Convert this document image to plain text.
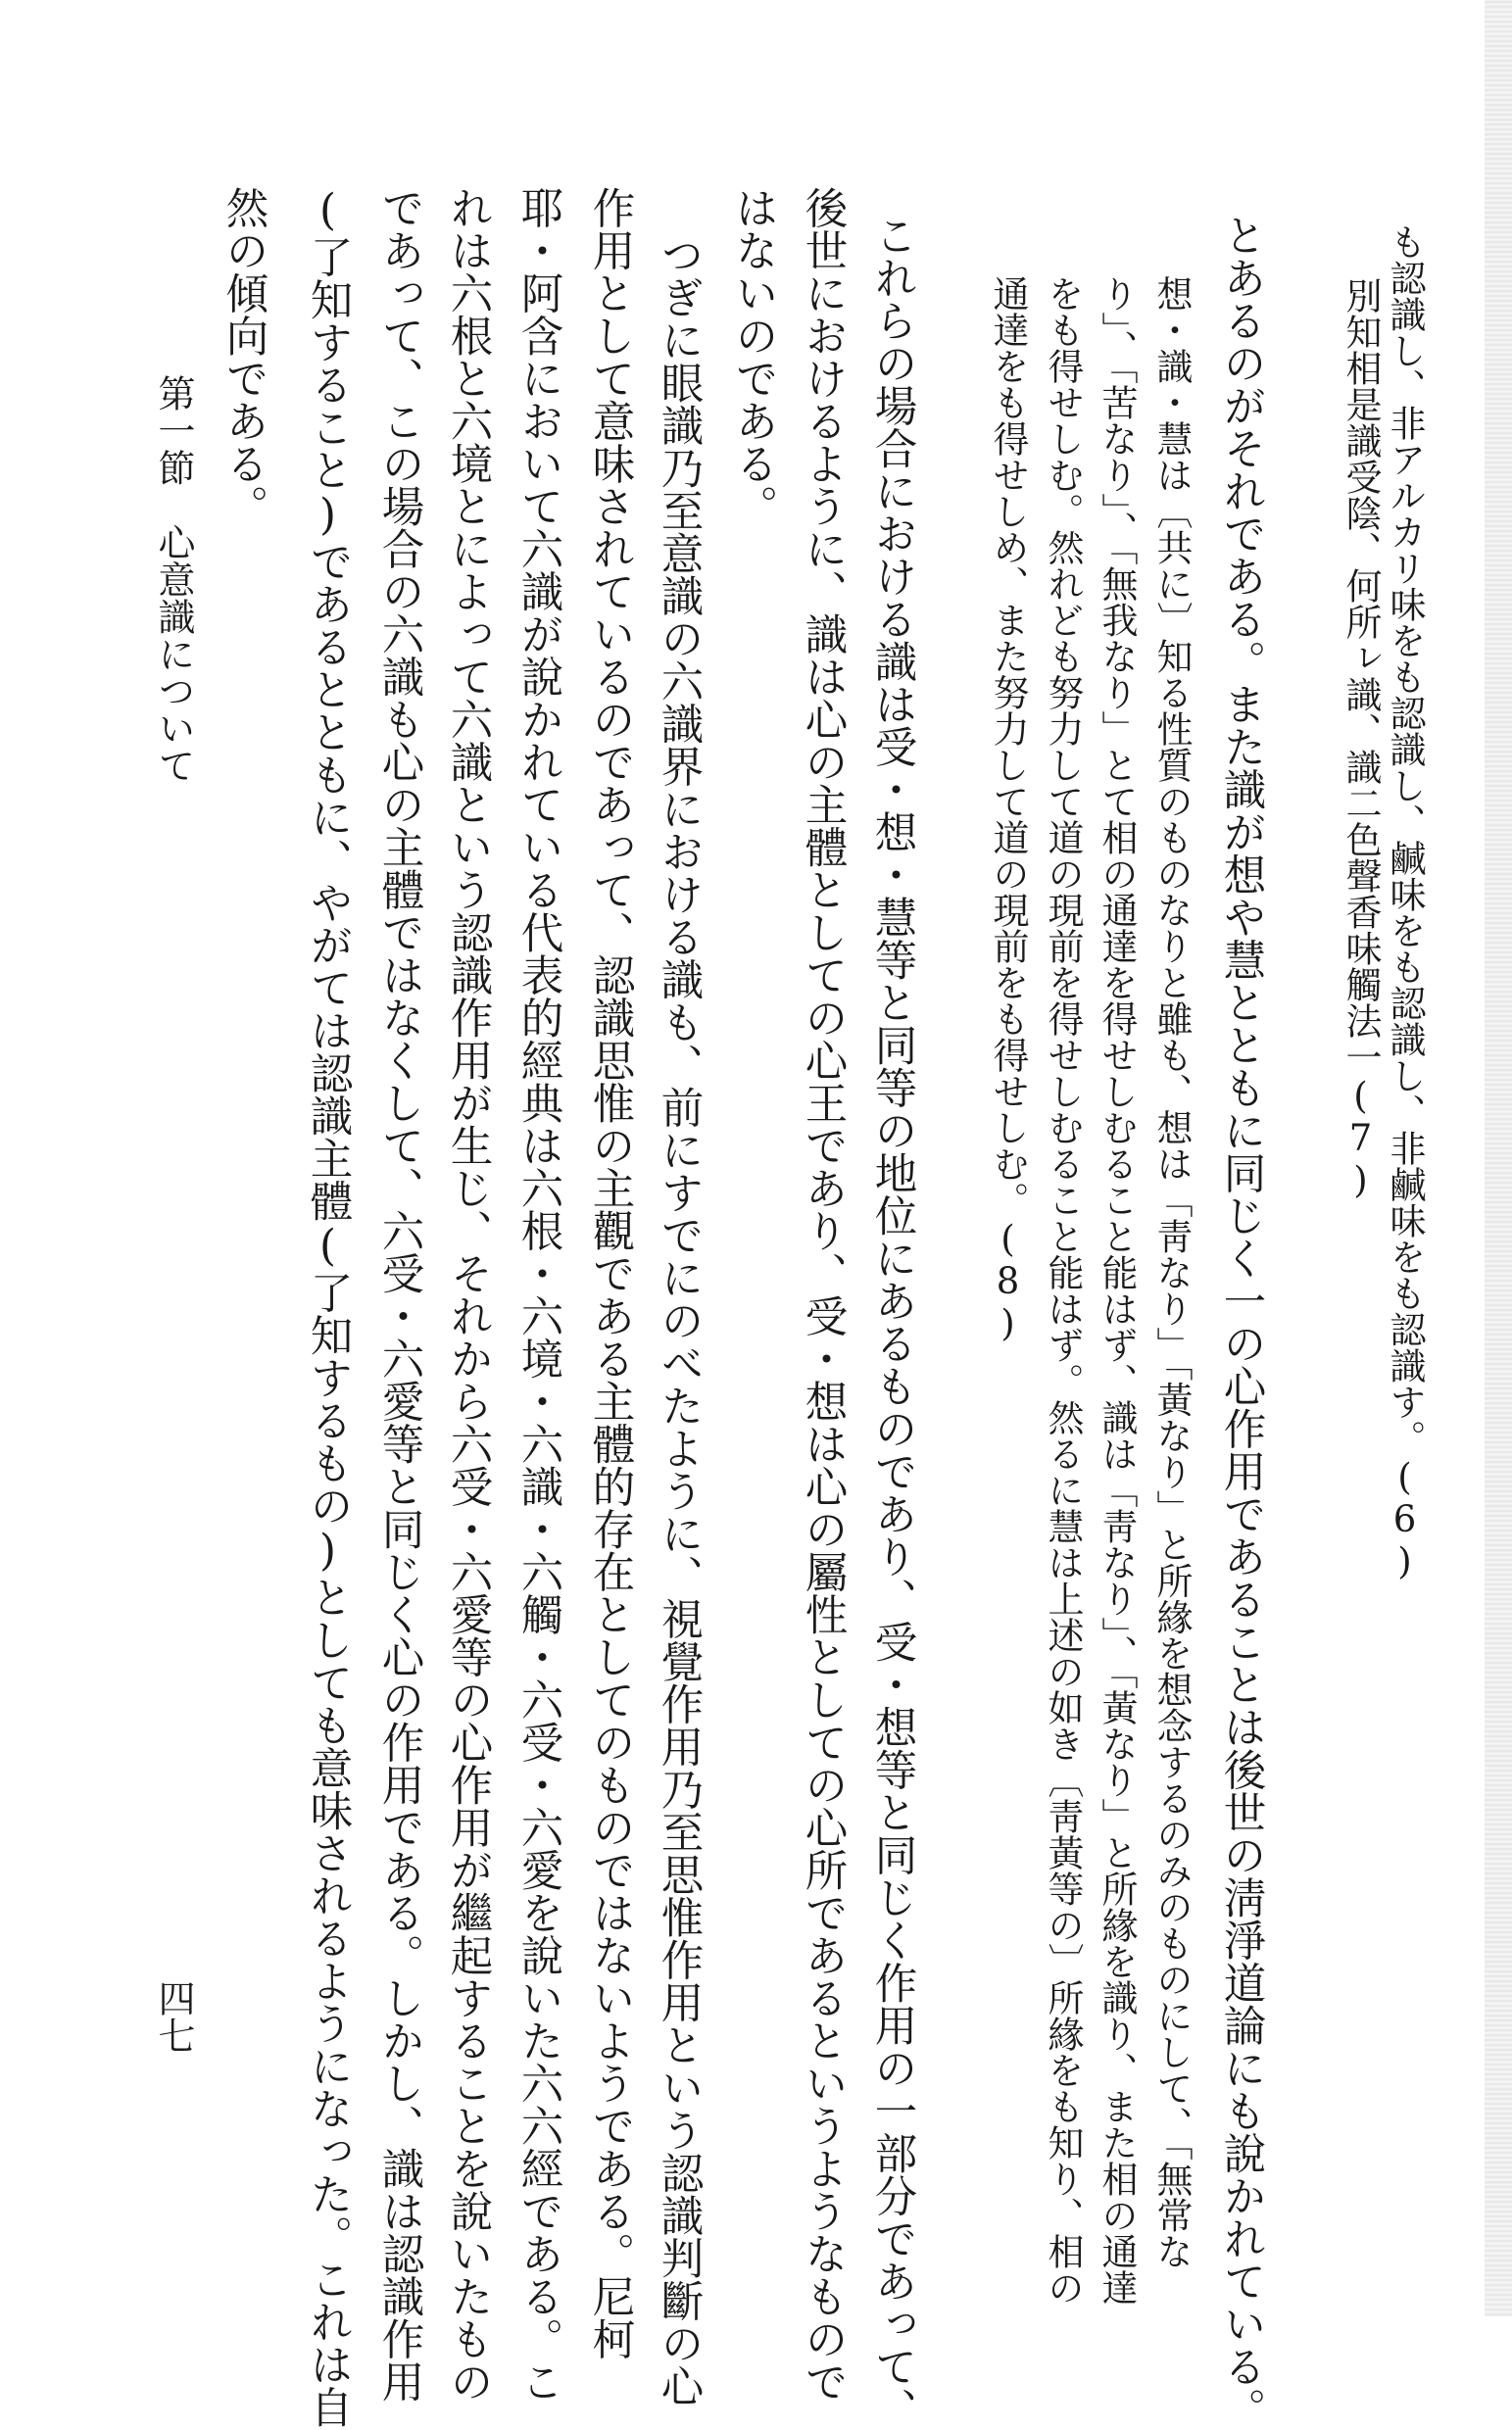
も認識し、非アルカリ味をも認識し、鹹味をも認識し、非鹹味をも認識す。(6)
別知相是識受陰、何所ㇾ識、識二色聲香味觸法一(7)
とあるのがそれである。また識が想や慧とともに同じく一の心作用であることは後世の淸淨道論にも說かれている。
想・識・慧は〔共に〕知る性質のものなりと雖も、想は「靑なり」「黃なり」と所緣を想念するのみのものにして、「無常な
り」、「苦なり」、「無我なり」とて相の通達を得せしむること能はず、識は「靑なり」、「黃なり」と所緣を識り、また相の通達
をも得せしむ。然れども努力して道の現前を得せしむること能はず。然るに慧は上述の如き〔靑黃等の〕所緣をも知り、相の
通達をも得せしめ、また努力して道の現前をも得せしむ。(8)
これらの場合における識は受・想・慧等と同等の地位にあるものであり、受・想等と同じく作用の一部分であって、
後世におけるように、識は心の主體としての心王であり、受・想は心の屬性としての心所であるというようなもので
はないのである。
つぎに眼識乃至意識の六識界における識も、前にすでにのべたように、視覺作用乃至思惟作用という認識判斷の心
作用として意味されているのであって、認識思惟の主觀である主體的存在としてのものではないようである。尼柯
耶・阿含において六識が說かれている代表的經典は六根・六境・六識・六觸・六受・六愛を說いた六六經である。こ
れは六根と六境とによって六識という認識作用が生じ、それから六受・六愛等の心作用が繼起することを說いたもの
であって、この場合の六識も心の主體ではなくして、六受・六愛等と同じく心の作用である。しかし、識は認識作用
(了知すること)であるとともに、やがては認識主體(了知するもの)としても意味されるようになった。これは自
然の傾向である。
第一節　心意識について
四七
